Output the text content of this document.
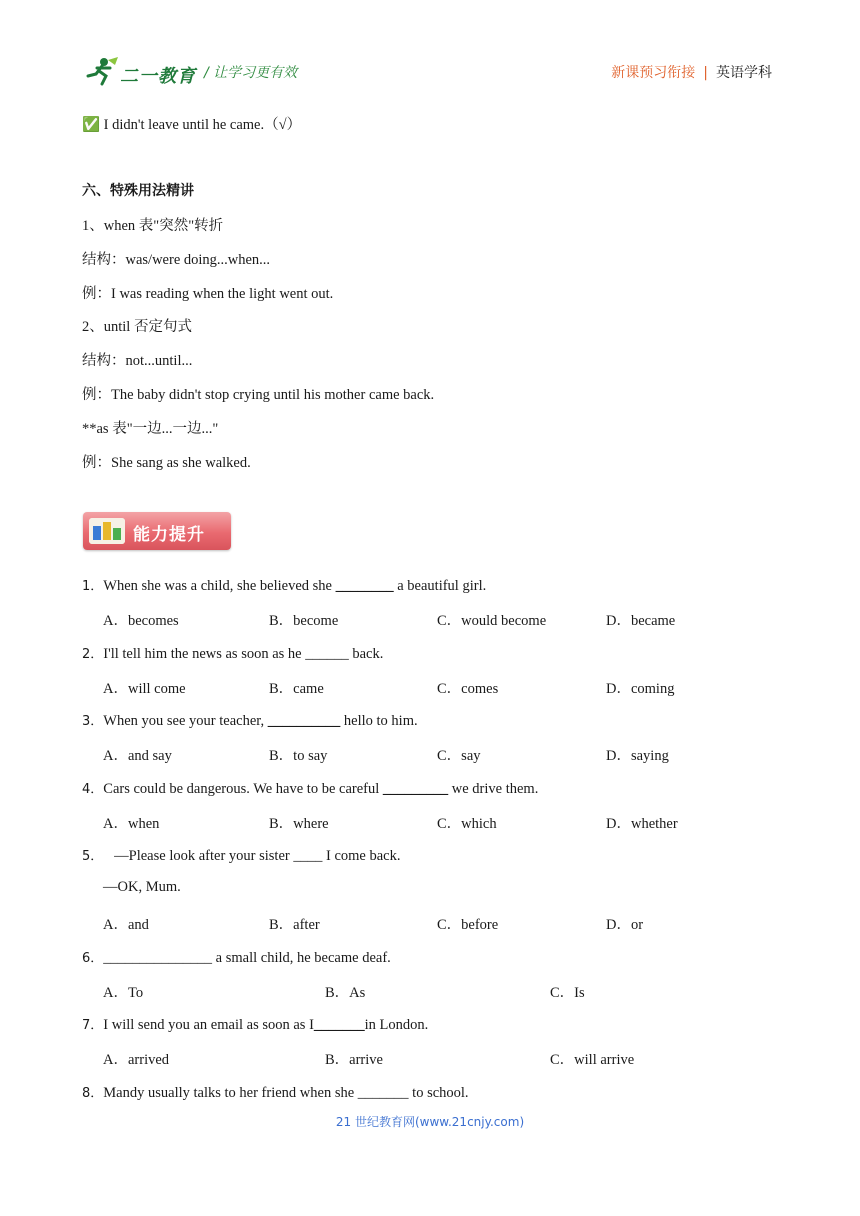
二一教育 / 让学习更有效	新课预习衔接 | 英语学科
✅ I didn't leave until he came.（√）
六、特殊用法精讲
1、when 表"突然"转折
结构：was/were doing...when...
例：I was reading when the light went out.
2、until 否定句式
结构：not...until...
例：The baby didn't stop crying until his mother came back.
**as 表"一边...一边..."
例：She sang as she walked.
能力提升
1．When she was a child, she believed she ________ a beautiful girl.
A．becomes	B．become	C．would become	D．became
2．I'll tell him the news as soon as he ______ back.
A．will come	B．came	C．comes	D．coming
3．When you see your teacher, __________ hello to him.
A．and say	B．to say	C．say	D．saying
4．Cars could be dangerous. We have to be careful _________ we drive them.
A．when	B．where	C．which	D．whether
5． —Please look after your sister ____ I come back.
—OK, Mum.
A．and	B．after	C．before	D．or
6．_______________ a small child, he became deaf.
A．To	B．As	C．Is
7．I will send you an email as soon as I_______in London.
A．arrived	B．arrive	C．will arrive
8．Mandy usually talks to her friend when she _______ to school.
21 世纪教育网(www.21cnjy.com)
